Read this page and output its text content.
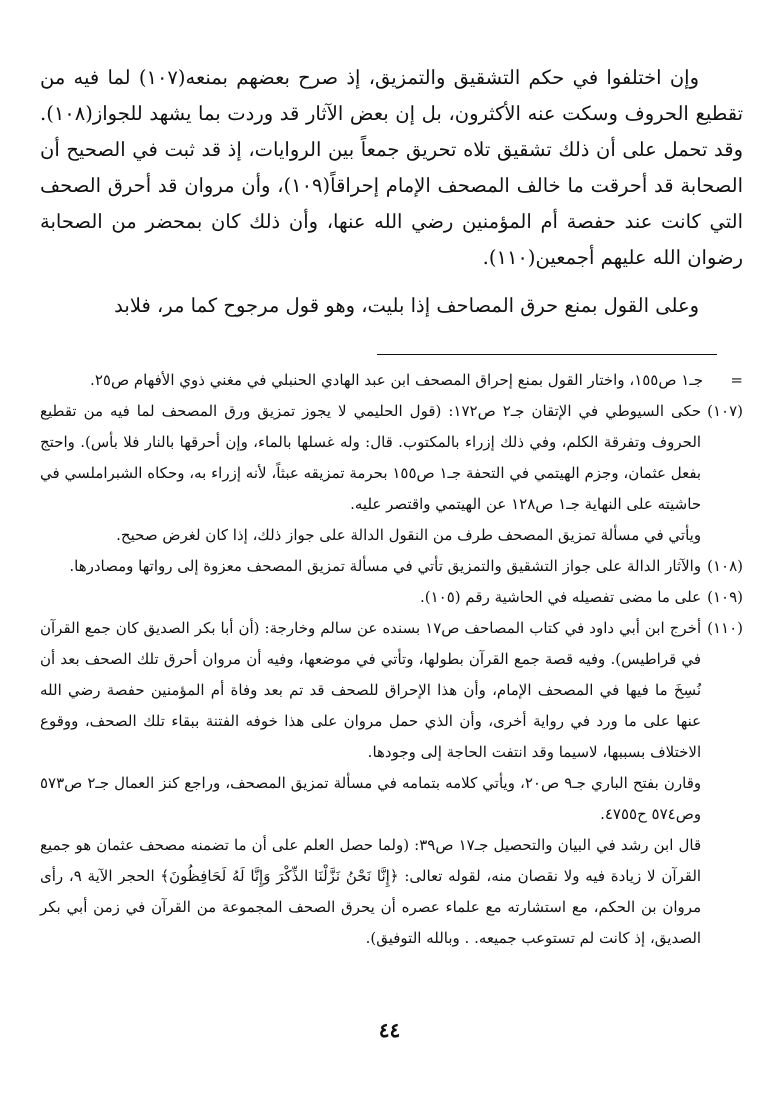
وإن اختلفوا في حكم التشقيق والتمزيق، إذ صرح بعضهم بمنعه(١٠٧) لما فيه من تقطيع الحروف وسكت عنه الأكثرون، بل إن بعض الآثار قد وردت بما يشهد للجواز(١٠٨). وقد تحمل على أن ذلك تشقيق تلاه تحريق جمعاً بين الروايات، إذ قد ثبت في الصحيح أن الصحابة قد أحرقت ما خالف المصحف الإمام إحراقاً(١٠٩)، وأن مروان قد أحرق الصحف التي كانت عند حفصة أم المؤمنين رضي الله عنها، وأن ذلك كان بمحضر من الصحابة رضوان الله عليهم أجمعين(١١٠).

وعلى القول بمنع حرق المصاحف إذا بليت، وهو قول مرجوح كما مر، فلابد

=

جـ١ ص١٥٥، واختار القول بمنع إحراق المصحف ابن عبد الهادي الحنبلي في مغني ذوي الأفهام ص٢٥.

(١٠٧)

حكى السيوطي في الإتقان جـ٢ ص١٧٢: (قول الحليمي لا يجوز تمزيق ورق المصحف لما فيه من تقطيع الحروف وتفرقة الكلم، وفي ذلك إزراء بالمكتوب. قال: وله غسلها بالماء، وإن أحرقها بالنار فلا بأس). واحتج بفعل عثمان، وجزم الهيتمي في التحفة جـ١ ص١٥٥ بحرمة تمزيقه عبثاً، لأنه إزراء به، وحكاه الشبراملسي في حاشيته على النهاية جـ١ ص١٢٨ عن الهيتمي واقتصر عليه.

ويأتي في مسألة تمزيق المصحف طرف من النقول الدالة على جواز ذلك، إذا كان لغرض صحيح.

(١٠٨)

والآثار الدالة على جواز التشقيق والتمزيق تأتي في مسألة تمزيق المصحف معزوة إلى رواتها ومصادرها.

(١٠٩)

على ما مضى تفصيله في الحاشية رقم (١٠٥).

(١١٠)

أخرج ابن أبي داود في كتاب المصاحف ص١٧ بسنده عن سالم وخارجة: (أن أبا بكر الصديق كان جمع القرآن في قراطيس). وفيه قصة جمع القرآن بطولها، وتأتي في موضعها، وفيه أن مروان أحرق تلك الصحف بعد أن نُسِخَ ما فيها في المصحف الإمام، وأن هذا الإحراق للصحف قد تم بعد وفاة أم المؤمنين حفصة رضي الله عنها على ما ورد في رواية أخرى، وأن الذي حمل مروان على هذا خوفه الفتنة ببقاء تلك الصحف، ووقوع الاختلاف بسببها، لاسيما وقد انتفت الحاجة إلى وجودها.

وقارن بفتح الباري جـ٩ ص٢٠، ويأتي كلامه بتمامه في مسألة تمزيق المصحف، وراجع كنز العمال جـ٢ ص٥٧٣ وص٥٧٤ ح٤٧٥٥.

قال ابن رشد في البيان والتحصيل جـ١٧ ص٣٩: (ولما حصل العلم على أن ما تضمنه مصحف عثمان هو جميع القرآن لا زيادة فيه ولا نقصان منه، لقوله تعالى: ﴿إِنَّا نَحْنُ نَزَّلْنَا الذِّكْرَ وَإِنَّا لَهُ لَحَافِظُونَ﴾ الحجر الآية ٩، رأى مروان بن الحكم، مع استشارته مع علماء عصره أن يحرق الصحف المجموعة من القرآن في زمن أبي بكر الصديق، إذ كانت لم تستوعب جميعه. . وبالله التوفيق).

٤٤
